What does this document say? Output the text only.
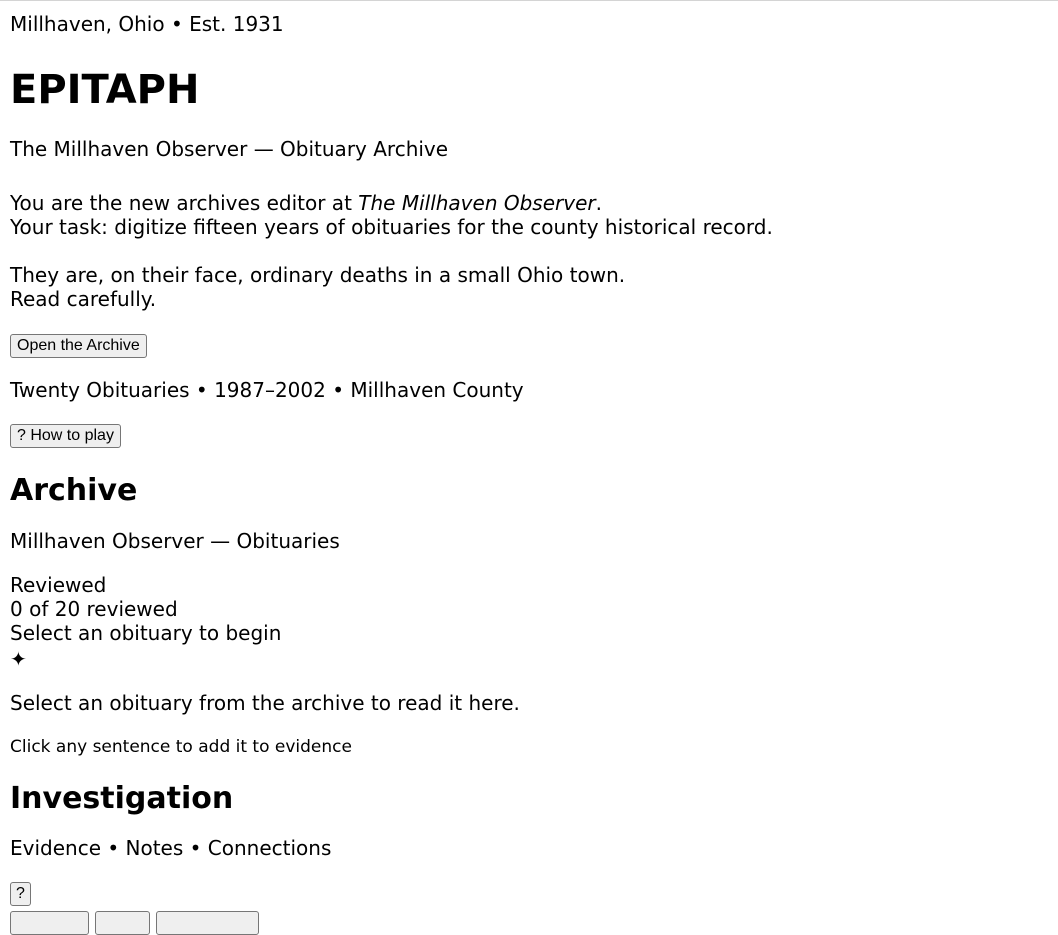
Millhaven, Ohio • Est. 1931

EPITAPH

The Millhaven Observer — Obituary Archive

You are the new archives editor at The Millhaven Observer.
Your task: digitize fifteen years of obituaries for the county historical record.

They are, on their face, ordinary deaths in a small Ohio town.
Read carefully.

Open the Archive

Twenty Obituaries • 1987–2002 • Millhaven County

? How to play
Archive

Millhaven Observer — Obituaries

Reviewed

0 of 20 reviewed

Select an obituary to begin

✦

Select an obituary from the archive to read it here.

Click any sentence to add it to evidence

Investigation

Evidence • Notes • Connections

?
